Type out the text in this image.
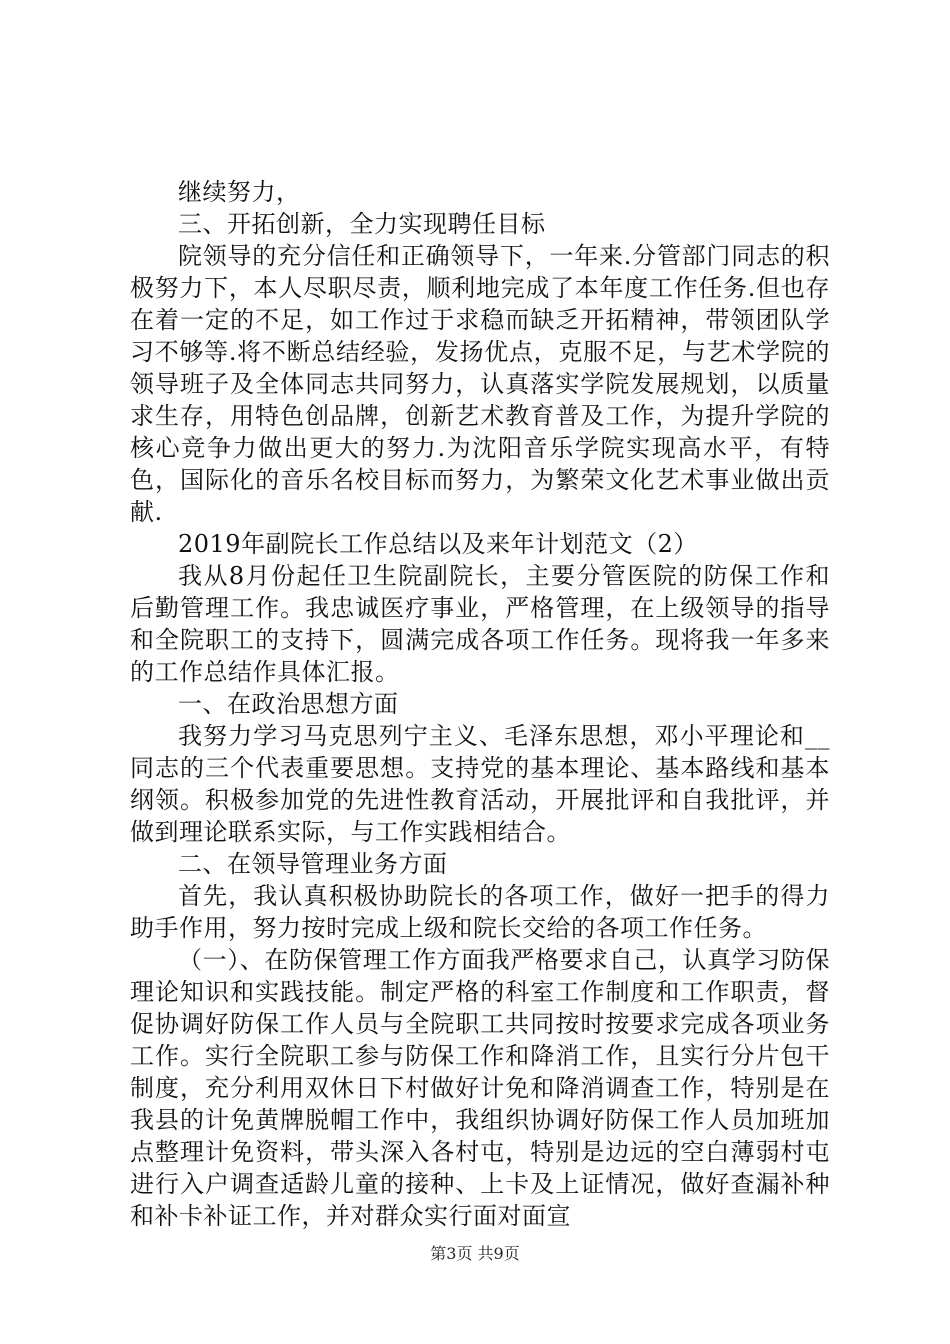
继续努力，

三、开拓创新，全力实现聘任目标

院领导的充分信任和正确领导下，一年来.分管部门同志的积极努力下，本人尽职尽责，顺利地完成了本年度工作任务.但也存在着一定的不足，如工作过于求稳而缺乏开拓精神，带领团队学习不够等.将不断总结经验，发扬优点，克服不足，与艺术学院的领导班子及全体同志共同努力，认真落实学院发展规划，以质量求生存，用特色创品牌，创新艺术教育普及工作，为提升学院的核心竞争力做出更大的努力.为沈阳音乐学院实现高水平，有特色，国际化的音乐名校目标而努力，为繁荣文化艺术事业做出贡献.

2019年副院长工作总结以及来年计划范文（2）

我从8月份起任卫生院副院长，主要分管医院的防保工作和后勤管理工作。我忠诚医疗事业，严格管理，在上级领导的指导和全院职工的支持下，圆满完成各项工作任务。现将我一年多来的工作总结作具体汇报。

一、在政治思想方面

我努力学习马克思列宁主义、毛泽东思想，邓小平理论和__同志的三个代表重要思想。支持党的基本理论、基本路线和基本纲领。积极参加党的先进性教育活动，开展批评和自我批评，并做到理论联系实际，与工作实践相结合。

二、在领导管理业务方面

首先，我认真积极协助院长的各项工作，做好一把手的得力助手作用，努力按时完成上级和院长交给的各项工作任务。

（一）、在防保管理工作方面我严格要求自己，认真学习防保理论知识和实践技能。制定严格的科室工作制度和工作职责，督促协调好防保工作人员与全院职工共同按时按要求完成各项业务工作。实行全院职工参与防保工作和降消工作，且实行分片包干制度，充分利用双休日下村做好计免和降消调查工作，特别是在我县的计免黄牌脱帽工作中，我组织协调好防保工作人员加班加点整理计免资料，带头深入各村屯，特别是边远的空白薄弱村屯进行入户调查适龄儿童的接种、上卡及上证情况，做好查漏补种和补卡补证工作，并对群众实行面对面宣

第3页 共9页
